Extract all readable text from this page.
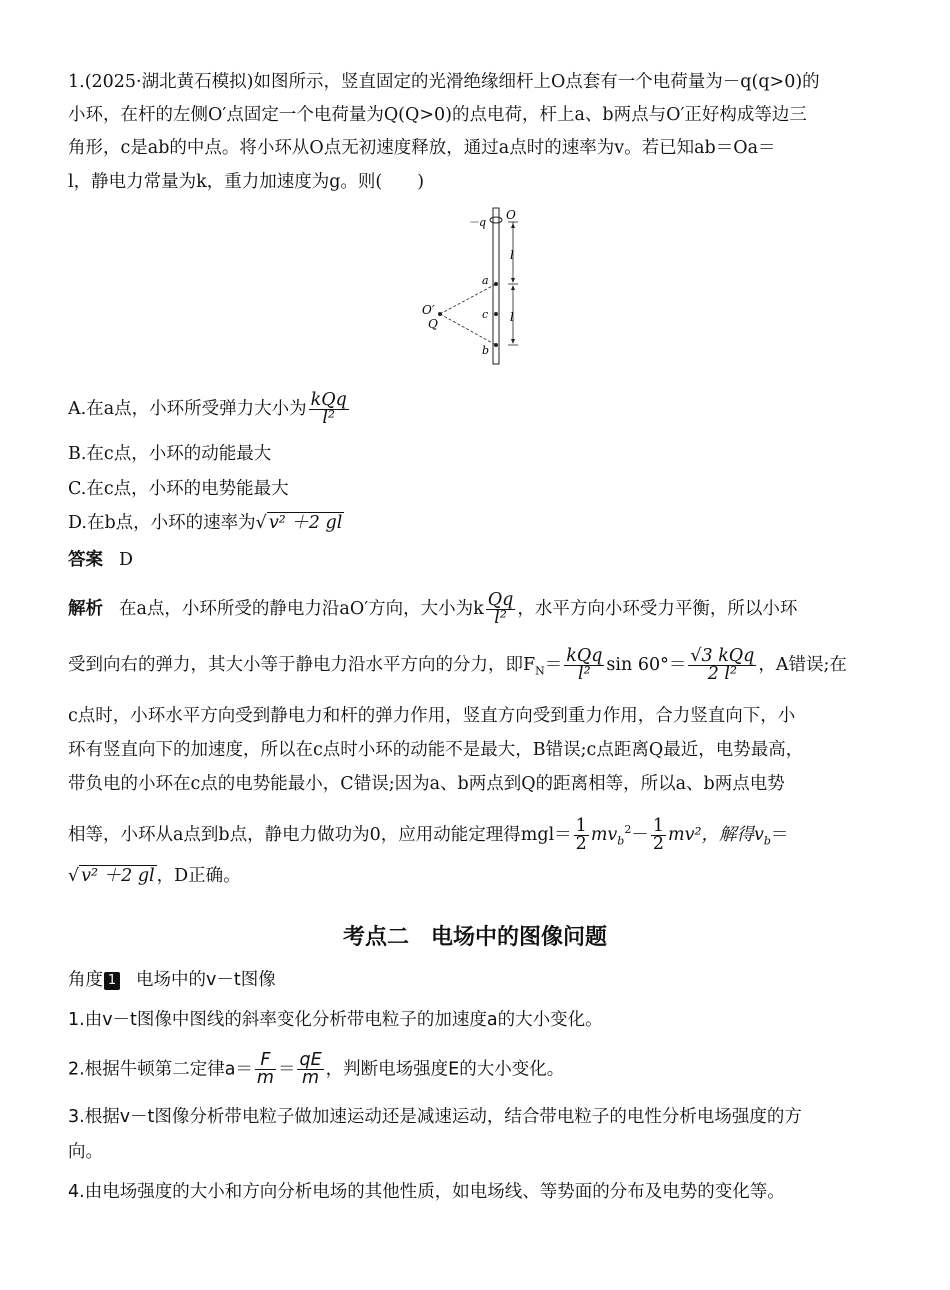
1.(2025·湖北黄石模拟)如图所示，竖直固定的光滑绝缘细杆上O点套有一个电荷量为－q(q>0)的
小环，在杆的左侧O′点固定一个电荷量为Q(Q>0)的点电荷，杆上a、b两点与O′正好构成等边三
角形，c是ab的中点。将小环从O点无初速度释放，通过a点时的速率为v。若已知ab＝Oa＝
l，静电力常量为k，重力加速度为g。则(　　)
－q
O
l
a
c l
b
O′
Q
A.在a点，小环所受弹力大小为 $\frac{\text{kQq}}{\text{l²}}$
B.在c点，小环的动能最大
C.在c点，小环的电势能最大
D.在b点，小环的速率为√ v² ＋2 gl
答案 D
解析 在a点，小环所受的静电力沿aO′方向，大小为k $\frac{Qq}{\text{l²}}$ ，水平方向小环受力平衡，所以小环
受到向右的弹力，其大小等于静电力沿水平方向的分力，即$F_N= \frac{\text{kQq}}{\text{l²}}$ $\sin 60^\circ= \frac{\text{√3 kQq}}{\text{2 l²}}$ ，A错误;在
c点时，小环水平方向受到静电力和杆的弹力作用，竖直方向受到重力作用，合力竖直向下，小
环有竖直向下的加速度，所以在c点时小环的动能不是最大，B错误;c点距离Q最近，电势最高，
带负电的小环在c点的电势能最小，C错误;因为a、b两点到Q的距离相等，所以a、b两点电势
相等，小环从a点到b点，静电力做功为0，应用动能定理得$mgl= \frac{1}{2} mv_b^2- \frac{1}{2} mv^2$，解得$v_b=$
√ v² ＋2 gl ，D正确。
考点二　电场中的图像问题
角度 1 电场中的v－t图像
1.由v－t图像中图线的斜率变化分析带电粒子的加速度a的大小变化。
2.根据牛顿第二定律$a= \frac{F}{m} = \frac{qE}{m}$ ，判断电场强度E的大小变化。
3.根据v－t图像分析带电粒子做加速运动还是减速运动，结合带电粒子的电性分析电场强度的方
向。
4.由电场强度的大小和方向分析电场的其他性质，如电场线、等势面的分布及电势的变化等。
